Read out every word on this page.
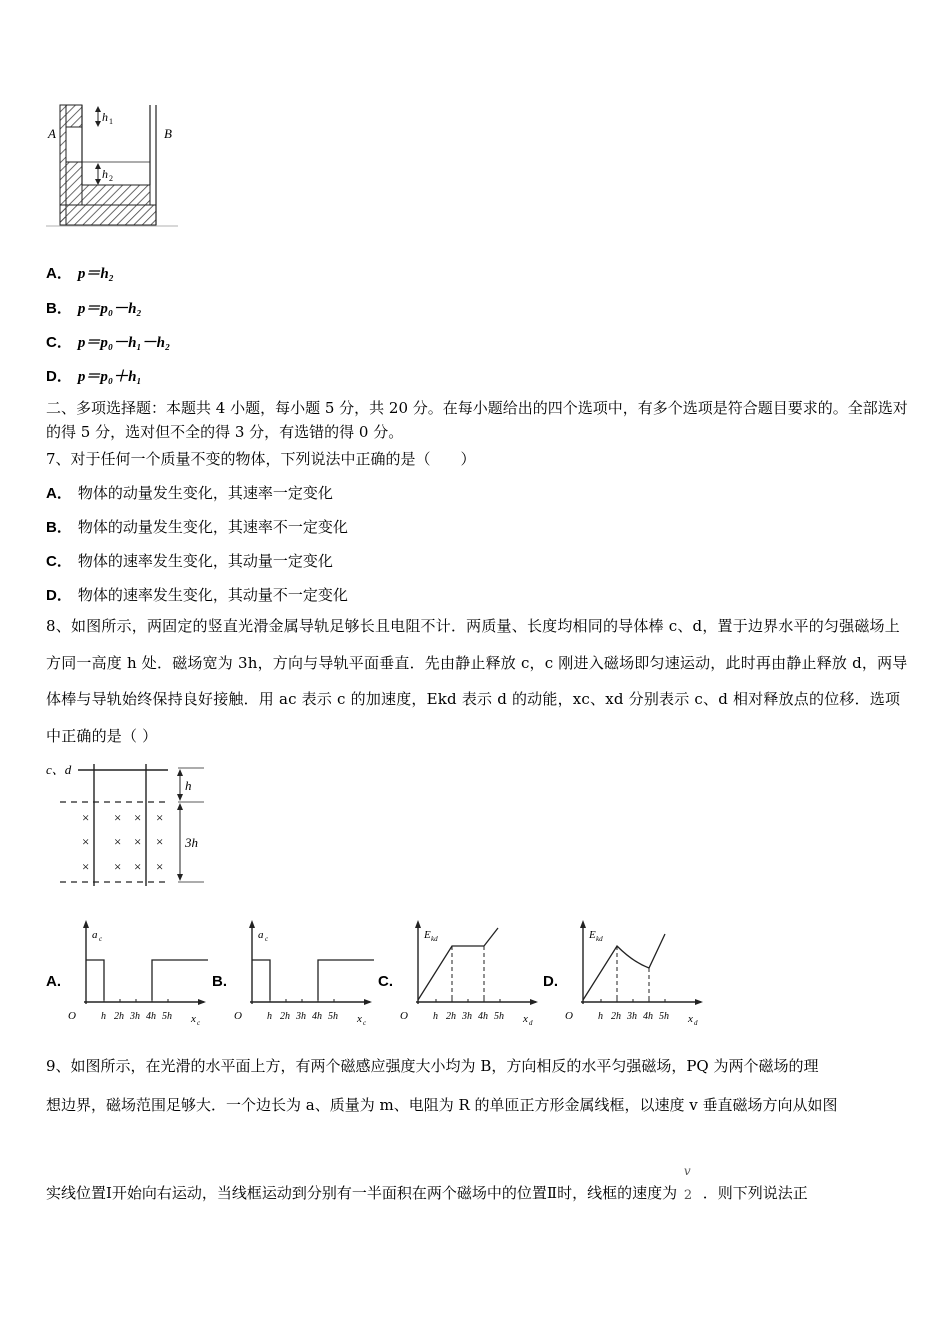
A	B
h 1
h 2
A． p＝h₂
B． p＝p₀－h₂
C． p＝p₀－h₁－h₂
D． p＝p₀＋h₁
二、多项选择题：本题共 4 小题，每小题 5 分，共 20 分。在每小题给出的四个选项中，有多个选项是符合题目要求的。全部选对的得 5 分，选对但不全的得 3 分，有选错的得 0 分。
7、对于任何一个质量不变的物体，下列说法中正确的是（　　）
A． 物体的动量发生变化，其速率一定变化
B． 物体的动量发生变化，其速率不一定变化
C． 物体的速率发生变化，其动量一定变化
D． 物体的速率发生变化，其动量不一定变化
8、如图所示，两固定的竖直光滑金属导轨足够长且电阻不计．两质量、长度均相同的导体棒 c、d，置于边界水平的匀强磁场上方同一高度 h 处．磁场宽为 3h，方向与导轨平面垂直．先由静止释放 c，c 刚进入磁场即匀速运动，此时再由静止释放 d，两导体棒与导轨始终保持良好接触．用 ac 表示 c 的加速度，Ekd 表示 d 的动能，xc、xd 分别表示 c、d 相对释放点的位移．选项中正确的是（ ）
c、d
h
3h
× × × ×
× × × ×
× × × ×
A.
O	h 2h 3h 4h 5h x c
a c
B.
O	h 2h 3h 4h 5h x c
a c
C.
O	h 2h 3h 4h 5h x d
E kd
D.
O	h 2h 3h 4h 5h x d
E kd
9、如图所示，在光滑的水平面上方，有两个磁感应强度大小均为 B，方向相反的水平匀强磁场，PQ 为两个磁场的理
想边界，磁场范围足够大．一个边长为 a、质量为 m、电阻为 R 的单匝正方形金属线框，以速度 v 垂直磁场方向从如图
实线位置Ⅰ开始向右运动，当线框运动到分别有一半面积在两个磁场中的位置Ⅱ时，线框的速度为
v
2 ．则下列说法正
